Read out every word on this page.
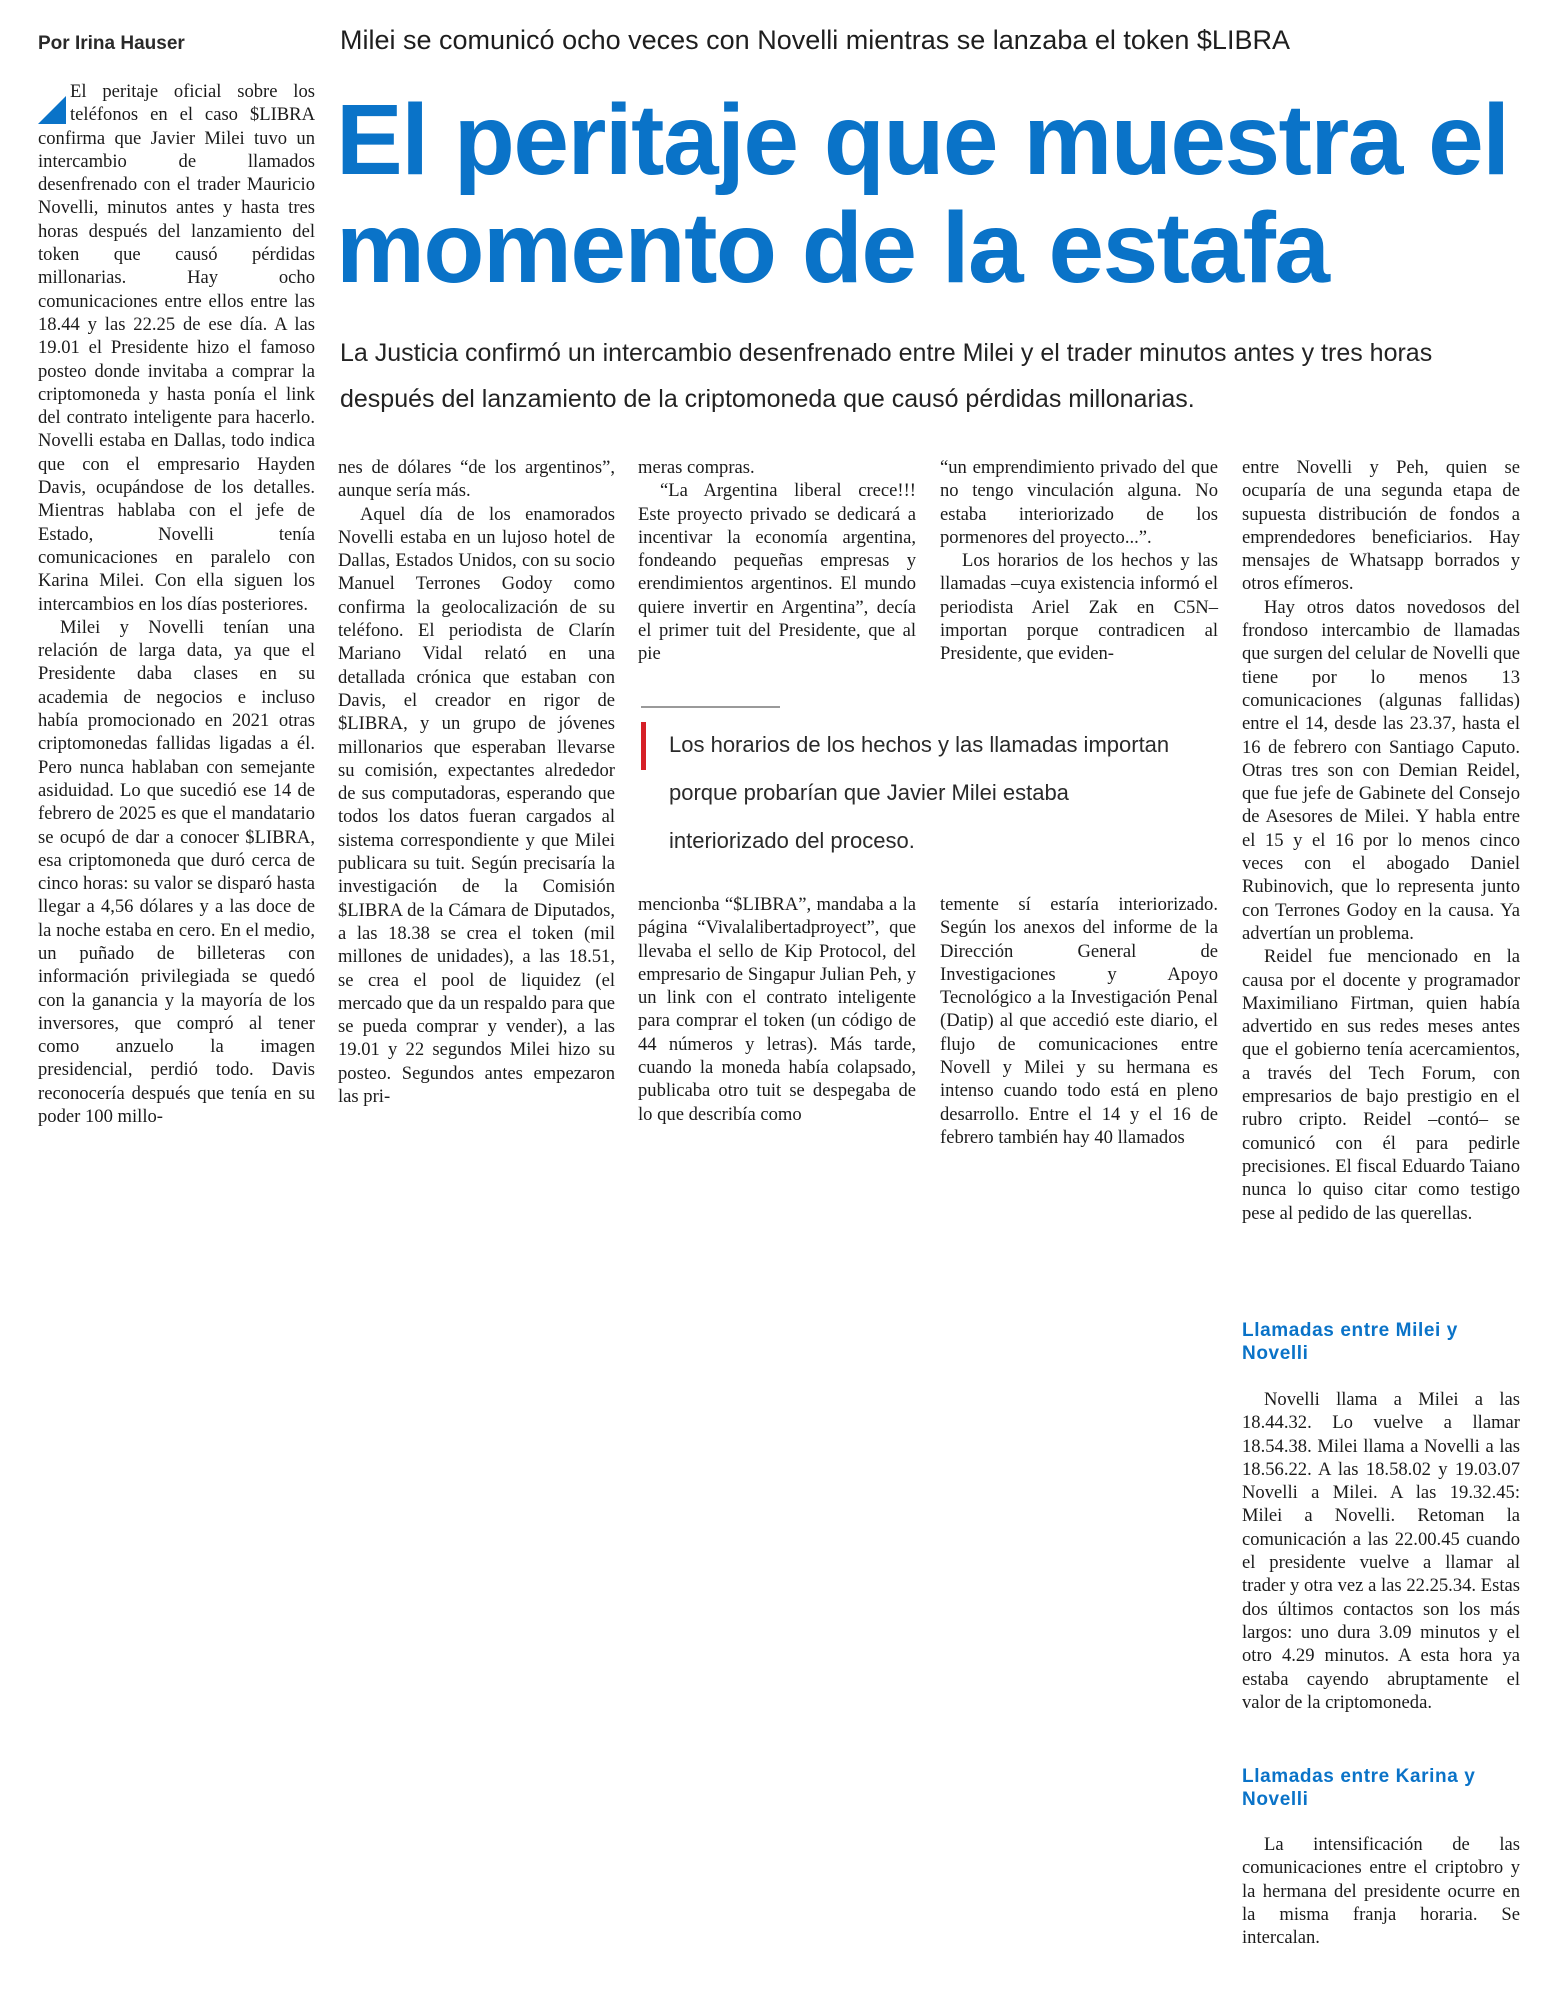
Por Irina Hauser	Milei se comunicó ocho veces con Novelli mientras se lanzaba el token $LIBRA
El peritaje que muestra el momento de la estafa
La Justicia confirmó un intercambio desenfrenado entre Milei y el trader minutos antes y tres horas después del lanzamiento de la criptomoneda que causó pérdidas millonarias.

El peritaje oficial sobre los teléfonos en el caso $LIBRA confirma que Javier Milei tuvo un intercambio de llamados desenfrenado con el trader Mauricio Novelli, minutos antes y hasta tres horas después del lanzamiento del token que causó pérdidas millonarias. Hay ocho comunicaciones entre ellos entre las 18.44 y las 22.25 de ese día. A las 19.01 el Presidente hizo el famoso posteo donde invitaba a comprar la criptomoneda y hasta ponía el link del contrato inteligente para hacerlo. Novelli estaba en Dallas, todo indica que con el empresario Hayden Davis, ocupándose de los detalles. Mientras hablaba con el jefe de Estado, Novelli tenía comunicaciones en paralelo con Karina Milei. Con ella siguen los intercambios en los días posteriores.

Milei y Novelli tenían una relación de larga data, ya que el Presidente daba clases en su academia de negocios e incluso había promocionado en 2021 otras criptomonedas fallidas ligadas a él. Pero nunca hablaban con semejante asiduidad. Lo que sucedió ese 14 de febrero de 2025 es que el mandatario se ocupó de dar a conocer $LIBRA, esa criptomoneda que duró cerca de cinco horas: su valor se disparó hasta llegar a 4,56 dólares y a las doce de la noche estaba en cero. En el medio, un puñado de billeteras con información privilegiada se quedó con la ganancia y la mayoría de los inversores, que compró al tener como anzuelo la imagen presidencial, perdió todo. Davis reconocería después que tenía en su poder 100 millo-

nes de dólares “de los argentinos”, aunque sería más.

Aquel día de los enamorados Novelli estaba en un lujoso hotel de Dallas, Estados Unidos, con su socio Manuel Terrones Godoy como confirma la geolocalización de su teléfono. El periodista de Clarín Mariano Vidal relató en una detallada crónica que estaban con Davis, el creador en rigor de $LIBRA, y un grupo de jóvenes millonarios que esperaban llevarse su comisión, expectantes alrededor de sus computadoras, esperando que todos los datos fueran cargados al sistema correspondiente y que Milei publicara su tuit. Según precisaría la investigación de la Comisión $LIBRA de la Cámara de Diputados, a las 18.38 se crea el token (mil millones de unidades), a las 18.51, se crea el pool de liquidez (el mercado que da un respaldo para que se pueda comprar y vender), a las 19.01 y 22 segundos Milei hizo su posteo. Segundos antes empezaron las pri-

meras compras.

“La Argentina liberal crece!!! Este proyecto privado se dedicará a incentivar la economía argentina, fondeando pequeñas empresas y erendimientos argentinos. El mundo quiere invertir en Argentina”, decía el primer tuit del Presidente, que al pie

“un emprendimiento privado del que no tengo vinculación alguna. No estaba interiorizado de los pormenores del proyecto...”.

Los horarios de los hechos y las llamadas –cuya existencia informó el periodista Ariel Zak en C5N– importan porque contradicen al Presidente, que eviden-

Los horarios de los hechos y las llamadas importan porque probarían que Javier Milei estaba interiorizado del proceso.

mencionba “$LIBRA”, mandaba a la página “Vivalalibertadproyect”, que llevaba el sello de Kip Protocol, del empresario de Singapur Julian Peh, y un link con el contrato inteligente para comprar el token (un código de 44 números y letras). Más tarde, cuando la moneda había colapsado, publicaba otro tuit se despegaba de lo que describía como

temente sí estaría interiorizado. Según los anexos del informe de la Dirección General de Investigaciones y Apoyo Tecnológico a la Investigación Penal (Datip) al que accedió este diario, el flujo de comunicaciones entre Novell y Milei y su hermana es intenso cuando todo está en pleno desarrollo. Entre el 14 y el 16 de febrero también hay 40 llamados

entre Novelli y Peh, quien se ocuparía de una segunda etapa de supuesta distribución de fondos a emprendedores beneficiarios. Hay mensajes de Whatsapp borrados y otros efímeros.

Hay otros datos novedosos del frondoso intercambio de llamadas que surgen del celular de Novelli que tiene por lo menos 13 comunicaciones (algunas fallidas) entre el 14, desde las 23.37, hasta el 16 de febrero con Santiago Caputo. Otras tres son con Demian Reidel, que fue jefe de Gabinete del Consejo de Asesores de Milei. Y habla entre el 15 y el 16 por lo menos cinco veces con el abogado Daniel Rubinovich, que lo representa junto con Terrones Godoy en la causa. Ya advertían un problema.

Reidel fue mencionado en la causa por el docente y programador Maximiliano Firtman, quien había advertido en sus redes meses antes que el gobierno tenía acercamientos, a través del Tech Forum, con empresarios de bajo prestigio en el rubro cripto. Reidel –contó– se comunicó con él para pedirle precisiones. El fiscal Eduardo Taiano nunca lo quiso citar como testigo pese al pedido de las querellas.

Llamadas entre Milei y Novelli

Novelli llama a Milei a las 18.44.32. Lo vuelve a llamar 18.54.38. Milei llama a Novelli a las 18.56.22. A las 18.58.02 y 19.03.07 Novelli a Milei. A las 19.32.45: Milei a Novelli. Retoman la comunicación a las 22.00.45 cuando el presidente vuelve a llamar al trader y otra vez a las 22.25.34. Estas dos últimos contactos son los más largos: uno dura 3.09 minutos y el otro 4.29 minutos. A esta hora ya estaba cayendo abruptamente el valor de la criptomoneda.

Llamadas entre Karina y Novelli

La intensificación de las comunicaciones entre el criptobro y la hermana del presidente ocurre en la misma franja horaria. Se intercalan.
